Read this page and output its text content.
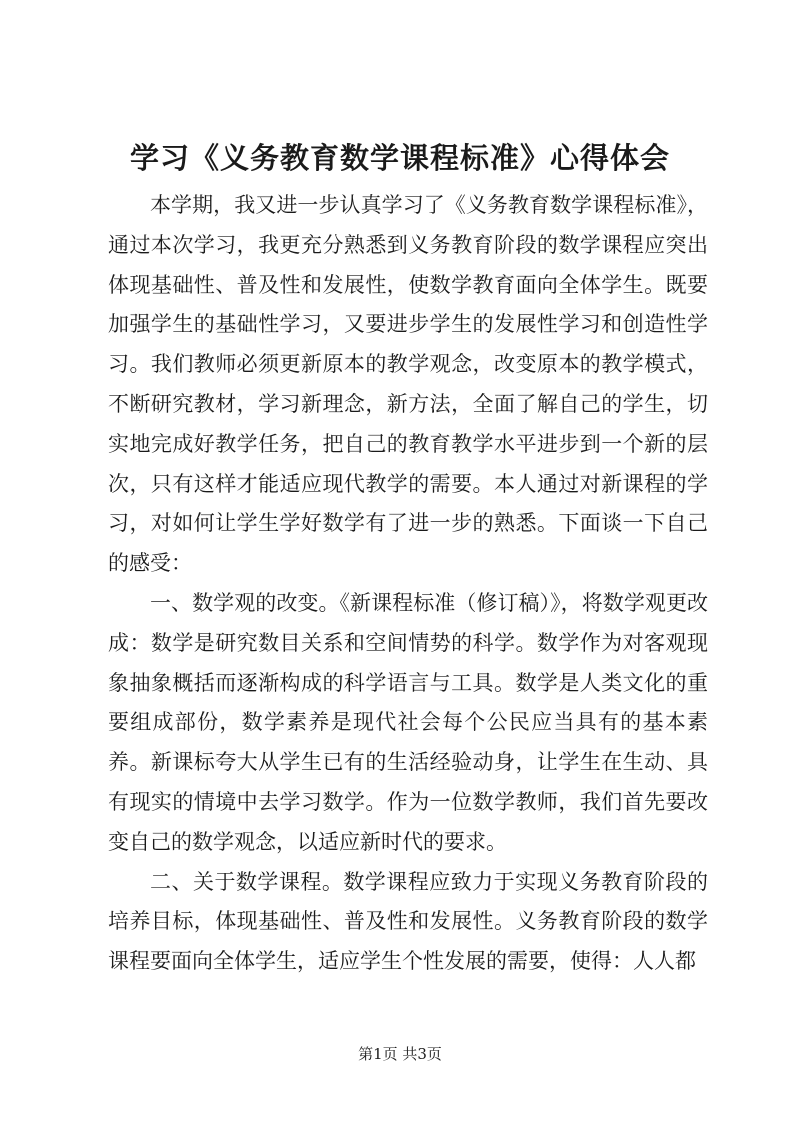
学习《义务教育数学课程标准》心得体会

本学期，我又进一步认真学习了《义务教育数学课程标准》，通过本次学习，我更充分熟悉到义务教育阶段的数学课程应突出体现基础性、普及性和发展性，使数学教育面向全体学生。既要加强学生的基础性学习，又要进步学生的发展性学习和创造性学习。我们教师必须更新原本的教学观念，改变原本的教学模式，不断研究教材，学习新理念，新方法，全面了解自己的学生，切实地完成好教学任务，把自己的教育教学水平进步到一个新的层次，只有这样才能适应现代教学的需要。本人通过对新课程的学习，对如何让学生学好数学有了进一步的熟悉。下面谈一下自己的感受：

一、数学观的改变。《新课程标准（修订稿）》，将数学观更改成：数学是研究数目关系和空间情势的科学。数学作为对客观现象抽象概括而逐渐构成的科学语言与工具。数学是人类文化的重要组成部份，数学素养是现代社会每个公民应当具有的基本素养。新课标夸大从学生已有的生活经验动身，让学生在生动、具有现实的情境中去学习数学。作为一位数学教师，我们首先要改变自己的数学观念，以适应新时代的要求。

二、关于数学课程。数学课程应致力于实现义务教育阶段的培养目标，体现基础性、普及性和发展性。义务教育阶段的数学课程要面向全体学生，适应学生个性发展的需要，使得：人人都

第1页 共3页
